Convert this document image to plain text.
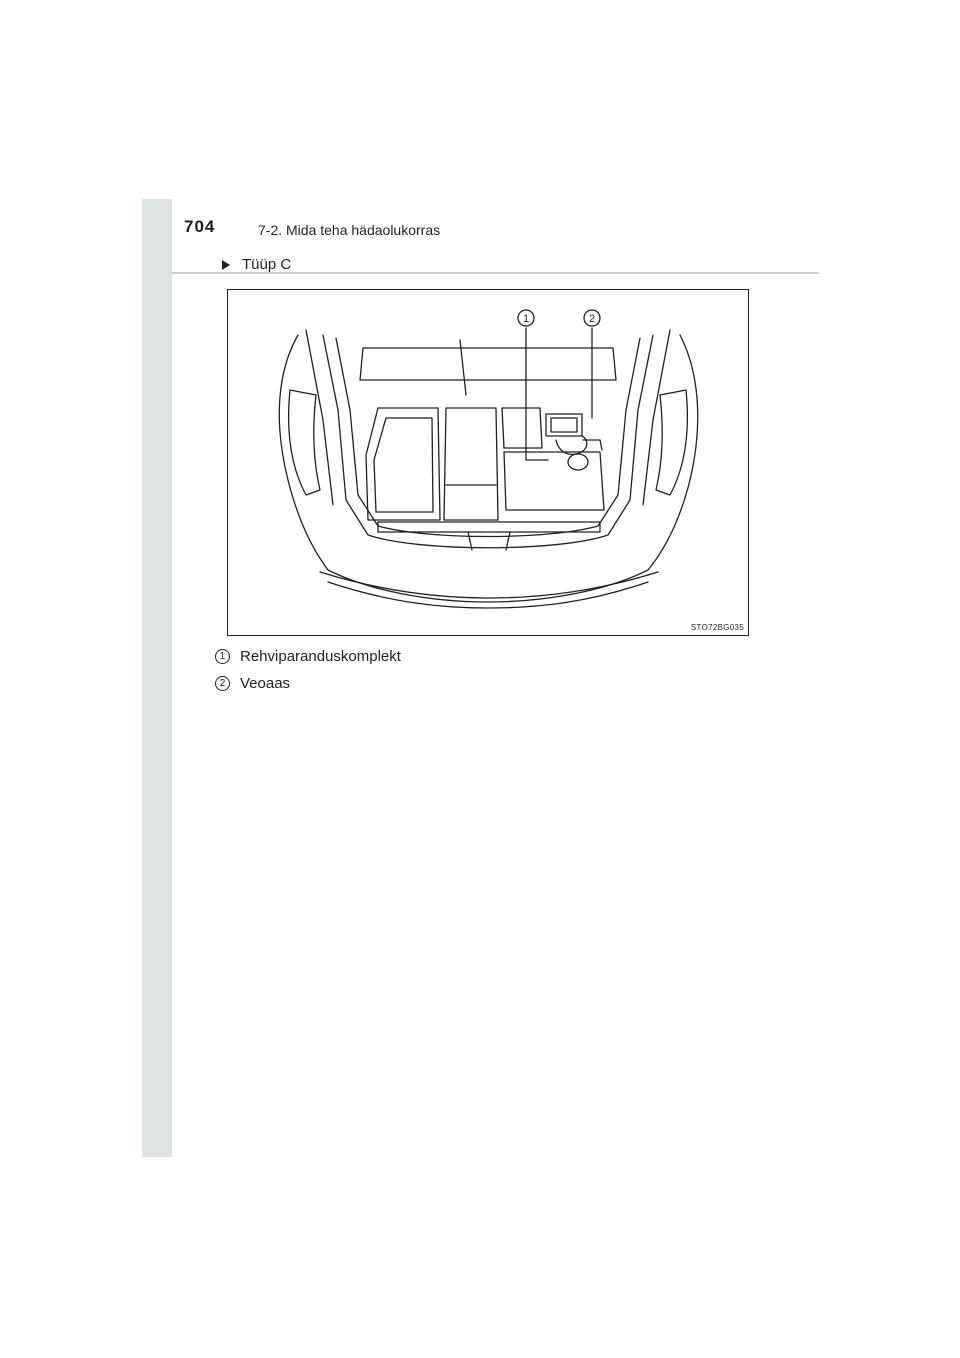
704	7-2. Mida teha hädaolukorras
Tüüp C
1	2
STO72BG035
1 Rehviparanduskomplekt
2 Veoaas
